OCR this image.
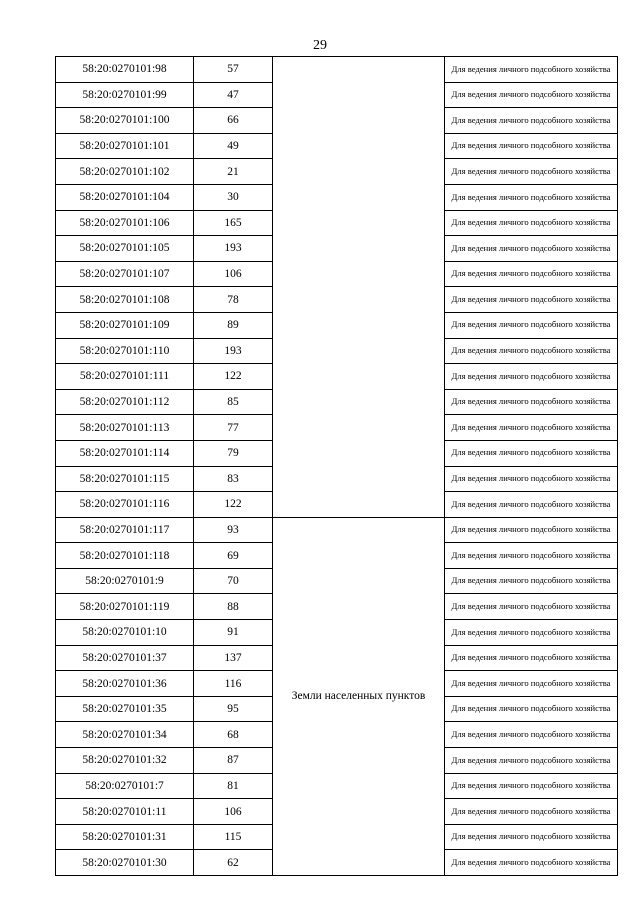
29
58:20:0270101:98	57		Для ведения личного подсобного хозяйства
58:20:0270101:99	47		Для ведения личного подсобного хозяйства
58:20:0270101:100	66		Для ведения личного подсобного хозяйства
58:20:0270101:101	49		Для ведения личного подсобного хозяйства
58:20:0270101:102	21		Для ведения личного подсобного хозяйства
58:20:0270101:104	30		Для ведения личного подсобного хозяйства
58:20:0270101:106	165		Для ведения личного подсобного хозяйства
58:20:0270101:105	193		Для ведения личного подсобного хозяйства
58:20:0270101:107	106		Для ведения личного подсобного хозяйства
58:20:0270101:108	78		Для ведения личного подсобного хозяйства
58:20:0270101:109	89		Для ведения личного подсобного хозяйства
58:20:0270101:110	193		Для ведения личного подсобного хозяйства
58:20:0270101:111	122		Для ведения личного подсобного хозяйства
58:20:0270101:112	85		Для ведения личного подсобного хозяйства
58:20:0270101:113	77		Для ведения личного подсобного хозяйства
58:20:0270101:114	79		Для ведения личного подсобного хозяйства
58:20:0270101:115	83		Для ведения личного подсобного хозяйства
58:20:0270101:116	122		Для ведения личного подсобного хозяйства
58:20:0270101:117	93	Земли населенных пунктов	Для ведения личного подсобного хозяйства
58:20:0270101:118	69		Для ведения личного подсобного хозяйства
58:20:0270101:9	70		Для ведения личного подсобного хозяйства
58:20:0270101:119	88		Для ведения личного подсобного хозяйства
58:20:0270101:10	91		Для ведения личного подсобного хозяйства
58:20:0270101:37	137		Для ведения личного подсобного хозяйства
58:20:0270101:36	116		Для ведения личного подсобного хозяйства
58:20:0270101:35	95		Для ведения личного подсобного хозяйства
58:20:0270101:34	68		Для ведения личного подсобного хозяйства
58:20:0270101:32	87		Для ведения личного подсобного хозяйства
58:20:0270101:7	81		Для ведения личного подсобного хозяйства
58:20:0270101:11	106		Для ведения личного подсобного хозяйства
58:20:0270101:31	115		Для ведения личного подсобного хозяйства
58:20:0270101:30	62		Для ведения личного подсобного хозяйства
